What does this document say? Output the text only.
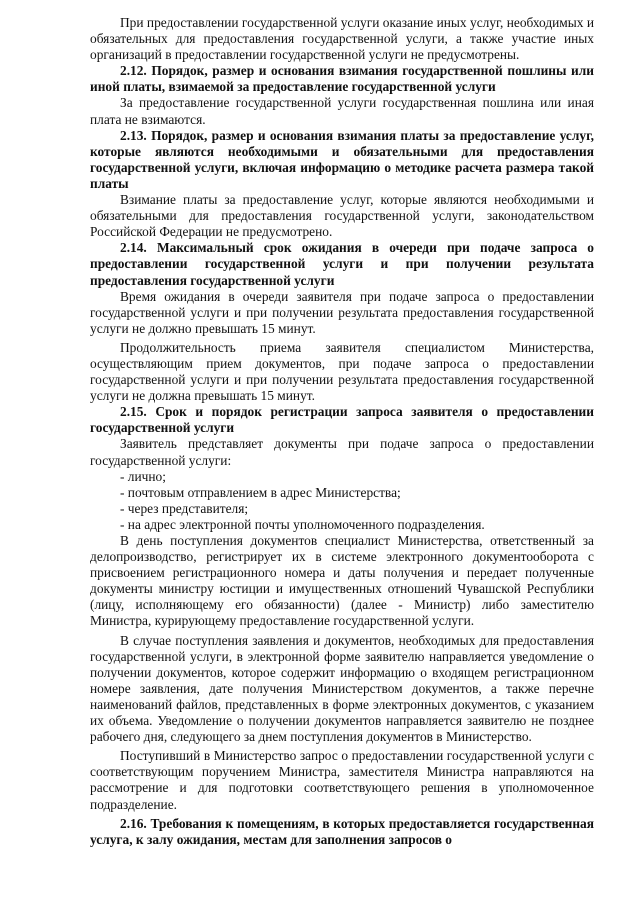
При предоставлении государственной услуги оказание иных услуг, необходимых и обязательных для предоставления государственной услуги, а также участие иных организаций в предоставлении государственной услуги не предусмотрены.

2.12. Порядок, размер и основания взимания государственной пошлины или иной платы, взимаемой за предоставление государственной услуги

За предоставление государственной услуги государственная пошлина или иная плата не взимаются.

2.13. Порядок, размер и основания взимания платы за предоставление услуг, которые являются необходимыми и обязательными для предоставления государственной услуги, включая информацию о методике расчета размера такой платы

Взимание платы за предоставление услуг, которые являются необходимыми и обязательными для предоставления государственной услуги, законодательством Российской Федерации не предусмотрено.

2.14. Максимальный срок ожидания в очереди при подаче запроса о предоставлении государственной услуги и при получении результата предоставления государственной услуги

Время ожидания в очереди заявителя при подаче запроса о предоставлении государственной услуги и при получении результата предоставления государственной услуги не должно превышать 15 минут.

Продолжительность приема заявителя специалистом Министерства, осуществляющим прием документов, при подаче запроса о предоставлении государственной услуги и при получении результата предоставления государственной услуги не должна превышать 15 минут.

2.15. Срок и порядок регистрации запроса заявителя о предоставлении государственной услуги

Заявитель представляет документы при подаче запроса о предоставлении государственной услуги:

- лично;

- почтовым отправлением в адрес Министерства;

- через представителя;

- на адрес электронной почты уполномоченного подразделения.

В день поступления документов специалист Министерства, ответственный за делопроизводство, регистрирует их в системе электронного документооборота с присвоением регистрационного номера и даты получения и передает полученные документы министру юстиции и имущественных отношений Чувашской Республики (лицу, исполняющему его обязанности) (далее - Министр) либо заместителю Министра, курирующему предоставление государственной услуги.

В случае поступления заявления и документов, необходимых для предоставления государственной услуги, в электронной форме заявителю направляется уведомление о получении документов, которое содержит информацию о входящем регистрационном номере заявления, дате получения Министерством документов, а также перечне наименований файлов, представленных в форме электронных документов, с указанием их объема. Уведомление о получении документов направляется заявителю не позднее рабочего дня, следующего за днем поступления документов в Министерство.

Поступивший в Министерство запрос о предоставлении государственной услуги с соответствующим поручением Министра, заместителя Министра направляются на рассмотрение и для подготовки соответствующего решения в уполномоченное подразделение.

2.16. Требования к помещениям, в которых предоставляется государственная услуга, к залу ожидания, местам для заполнения запросов о
